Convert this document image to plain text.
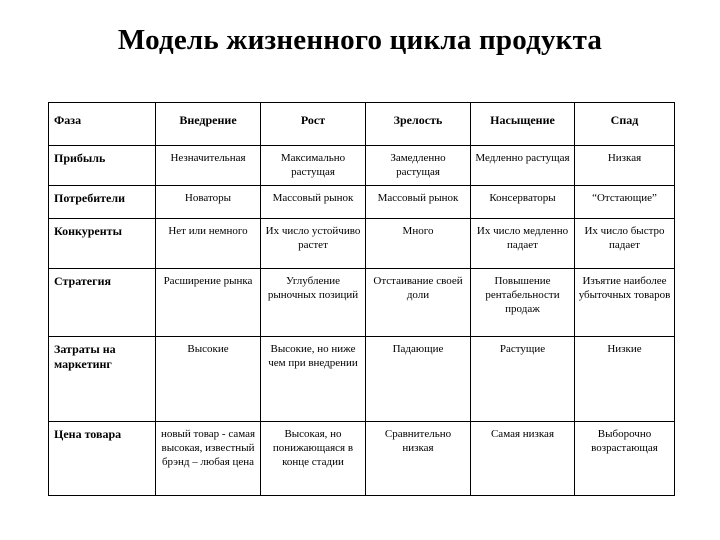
Модель жизненного цикла продукта
Фаза	Внедрение	Рост	Зрелость	Насыщение	Спад
Прибыль	Незначительная	Максимально растущая	Замедленно растущая	Медленно растущая	Низкая
Потребители	Новаторы	Массовый рынок	Массовый рынок	Консерваторы	“Отстающие”
Конкуренты	Нет или немного	Их число устойчиво растет	Много	Их число медленно падает	Их число быстро падает
Стратегия	Расширение рынка	Углубление рыночных позиций	Отстаивание своей доли	Повышение рентабельности продаж	Изъятие наиболее убыточных товаров
Затраты на маркетинг	Высокие	Высокие, но ниже чем при внедрении	Падающие	Растущие	Низкие
Цена товара	новый товар - самая высокая, известный брэнд – любая цена	Высокая, но понижающаяся в конце стадии	Сравнительно низкая	Самая низкая	Выборочно возрастающая
